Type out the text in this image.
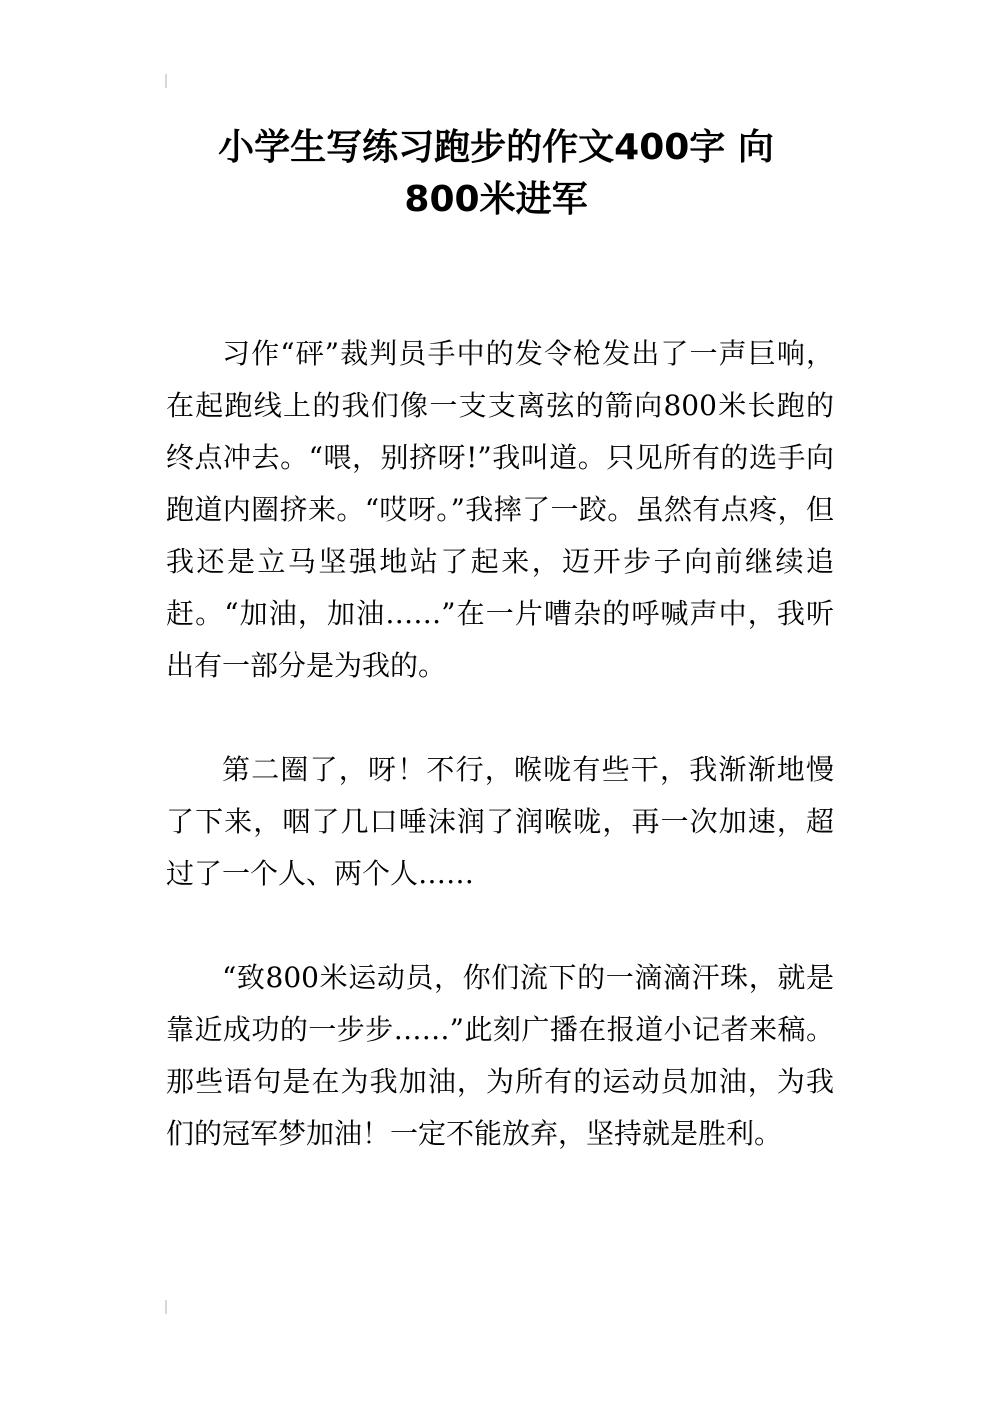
小学生写练习跑步的作文400字 向
800米进军

习作“砰”裁判员手中的发令枪发出了一声巨响，在起跑线上的我们像一支支离弦的箭向800米长跑的终点冲去。“喂，别挤呀!”我叫道。只见所有的选手向跑道内圈挤来。“哎呀。”我摔了一跤。虽然有点疼，但我还是立马坚强地站了起来，迈开步子向前继续追赶。“加油，加油……”在一片嘈杂的呼喊声中，我听出有一部分是为我的。

第二圈了，呀！不行，喉咙有些干，我渐渐地慢了下来，咽了几口唾沫润了润喉咙，再一次加速，超过了一个人、两个人……

“致800米运动员，你们流下的一滴滴汗珠，就是靠近成功的一步步……”此刻广播在报道小记者来稿。那些语句是在为我加油，为所有的运动员加油，为我们的冠军梦加油！一定不能放弃，坚持就是胜利。
